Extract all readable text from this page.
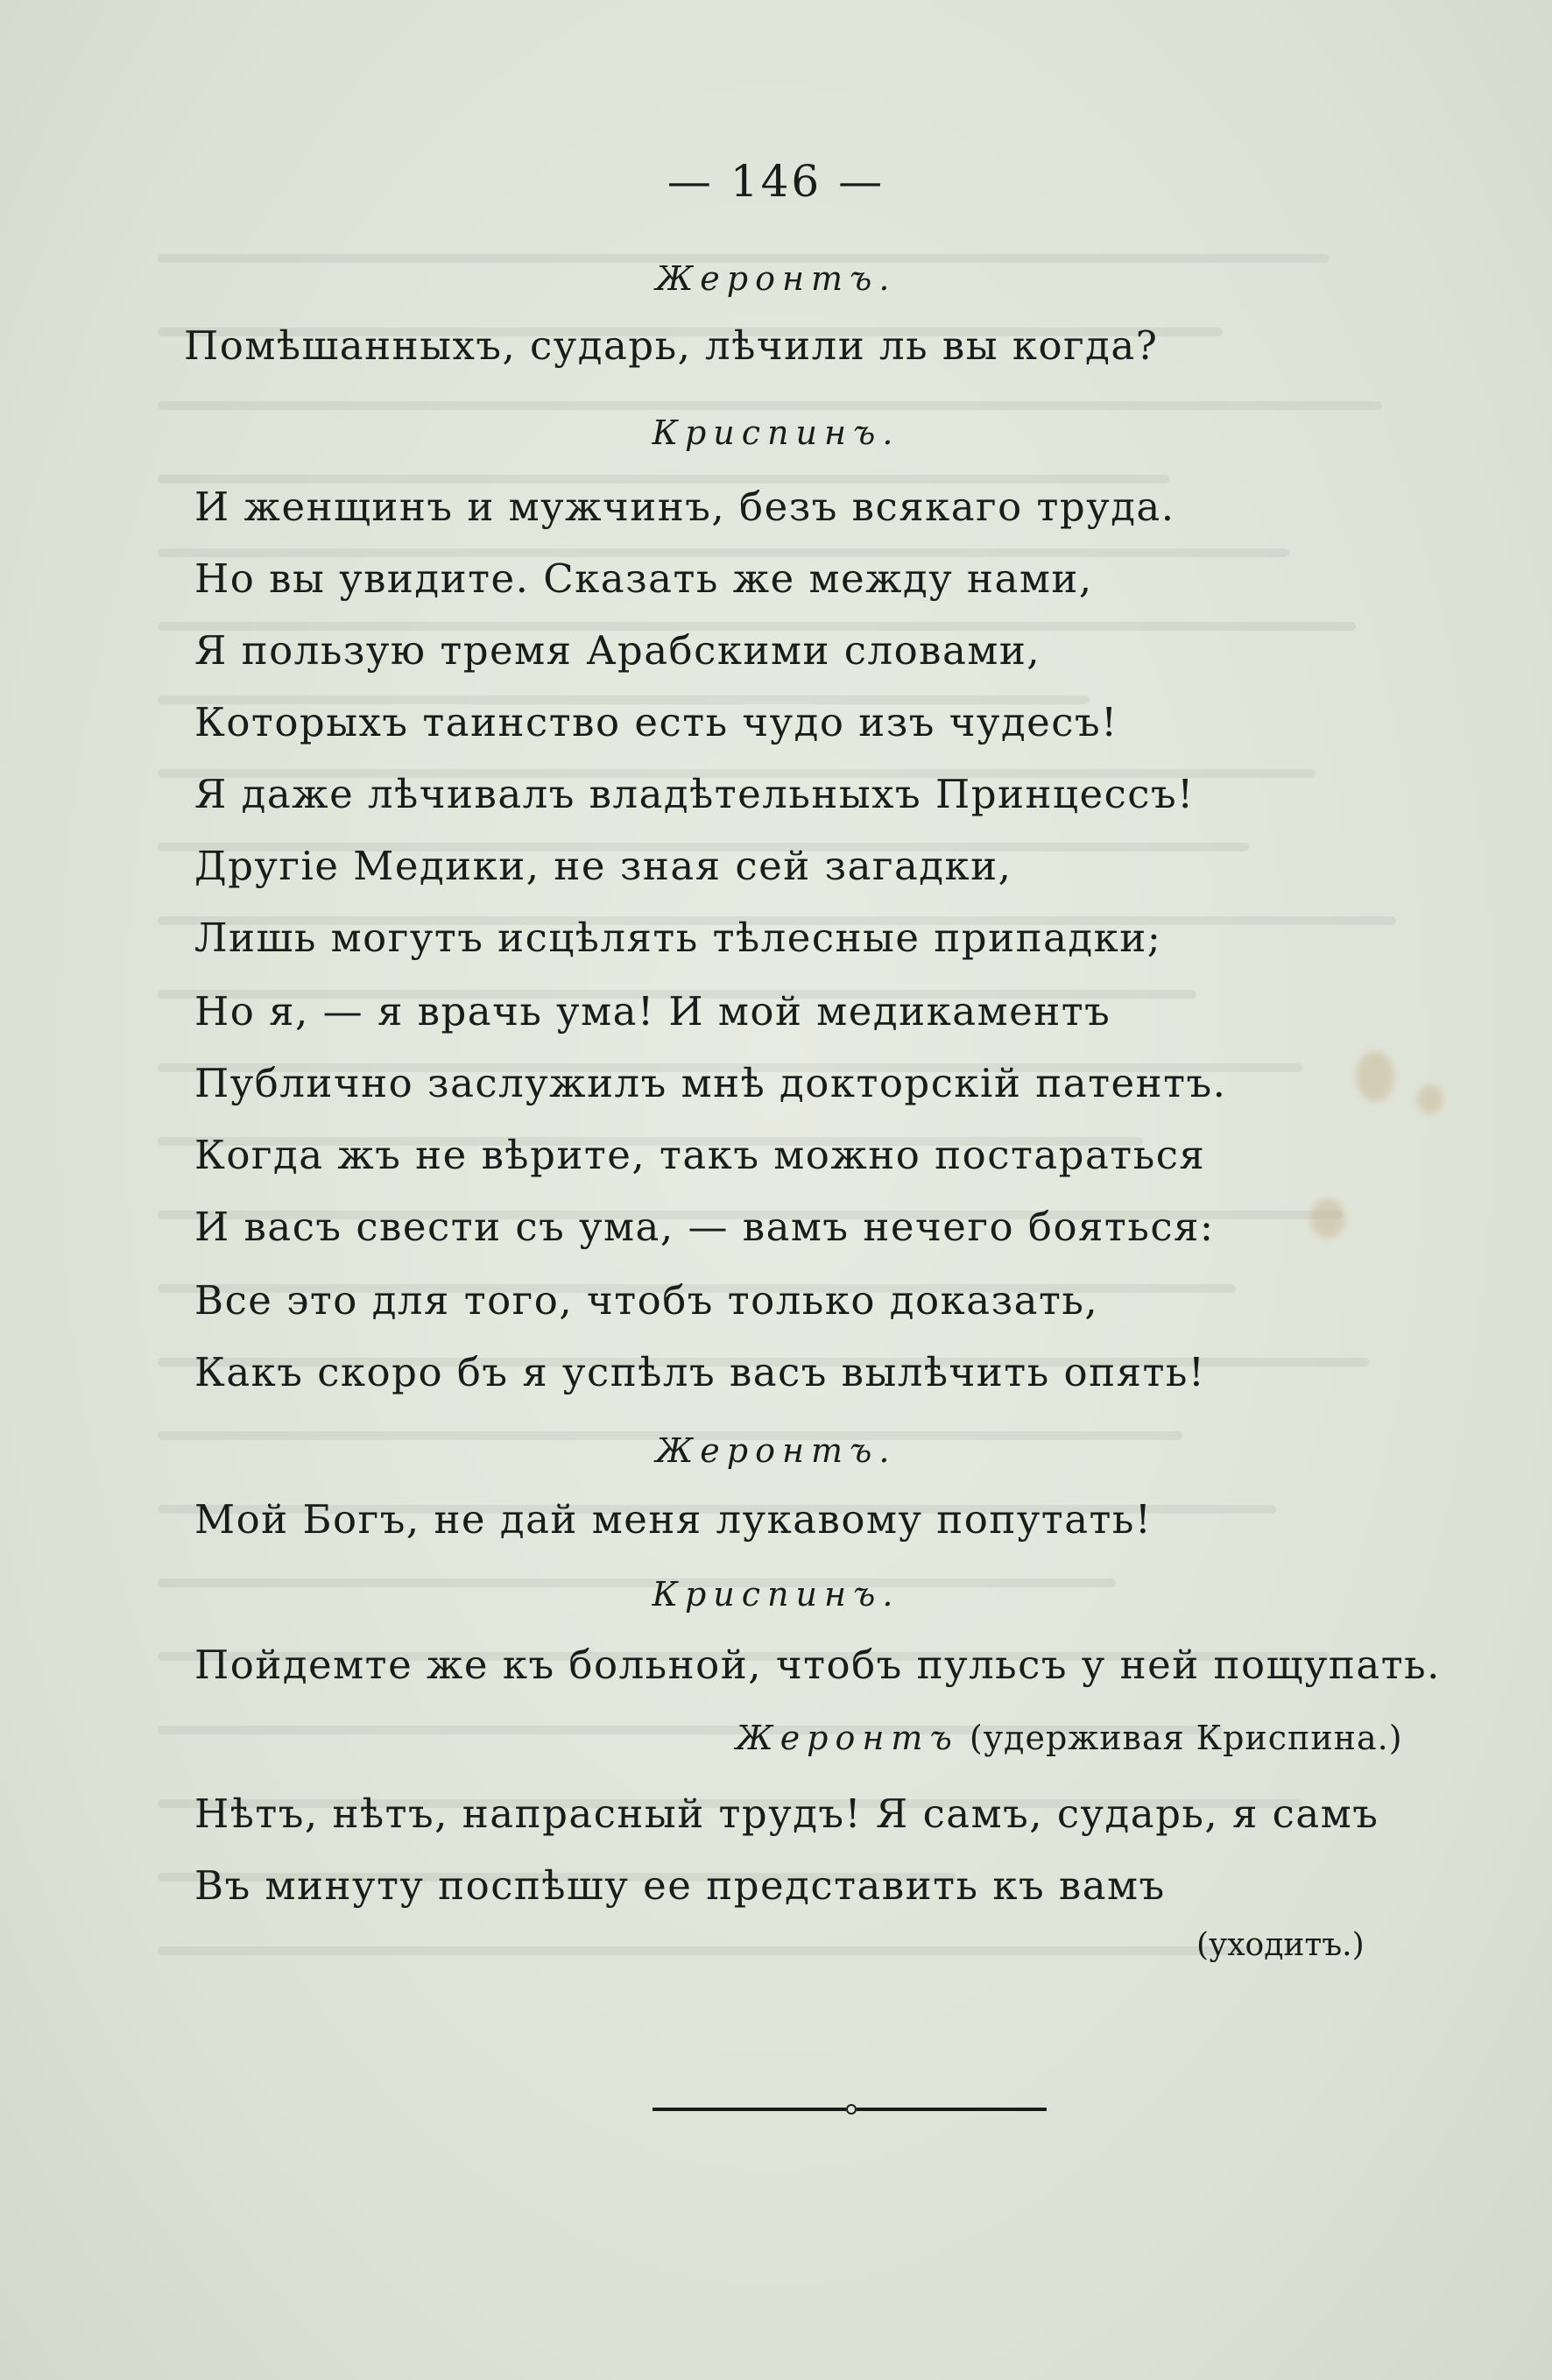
— 146 —
Жеронтъ.
Помѣшанныхъ, сударь, лѣчили ль вы когда?
Криспинъ.
И женщинъ и мужчинъ, безъ всякаго труда.
Но вы увидите. Сказать же между нами,
Я пользую тремя Арабскими словами,
Которыхъ таинство есть чудо изъ чудесъ!
Я даже лѣчивалъ владѣтельныхъ Принцессъ!
Другіе Медики, не зная сей загадки,
Лишь могутъ исцѣлять тѣлесные припадки;
Но я, — я врачь ума! И мой медикаментъ
Публично заслужилъ мнѣ докторскій патентъ.
Когда жъ не вѣрите, такъ можно постараться
И васъ свести съ ума, — вамъ нечего бояться:
Все это для того, чтобъ только доказать,
Какъ скоро бъ я успѣлъ васъ вылѣчить опять!
Жеронтъ.
Мой Богъ, не дай меня лукавому попутать!
Криспинъ.
Пойдемте же къ больной, чтобъ пульсъ у ней пощупать.
Жеронтъ (удерживая Криспина.)
Нѣтъ, нѣтъ, напрасный трудъ! Я самъ, сударь, я самъ
Въ минуту поспѣшу ее представить къ вамъ
(уходитъ.)
